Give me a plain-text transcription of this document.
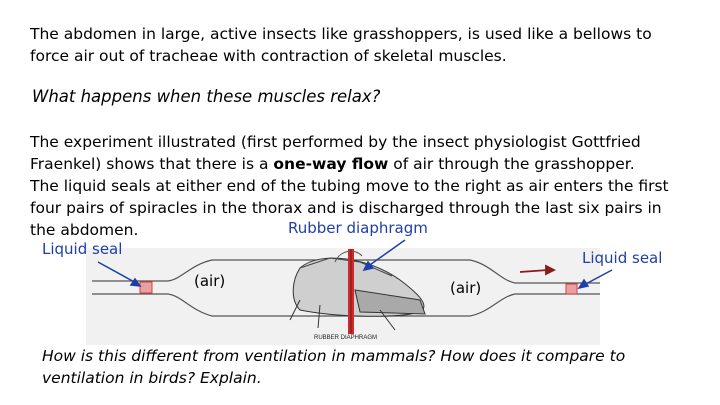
RUBBER DIAPHRAGM
The abdomen in large, active insects like grasshoppers, is used like a bellows to
force air out of tracheae with contraction of skeletal muscles.
What happens when these muscles relax?
The experiment illustrated (first performed by the insect physiologist Gottfried
Fraenkel) shows that there is a one-way flow of air through the grasshopper.
The liquid seals at either end of the tubing move to the right as air enters the first
four pairs of spiracles in the thorax and is discharged through the last six pairs in
the abdomen.
Liquid seal
Rubber diaphragm
Liquid seal
(air)	(air)
How is this different from ventilation in mammals? How does it compare to
ventilation in birds? Explain.
